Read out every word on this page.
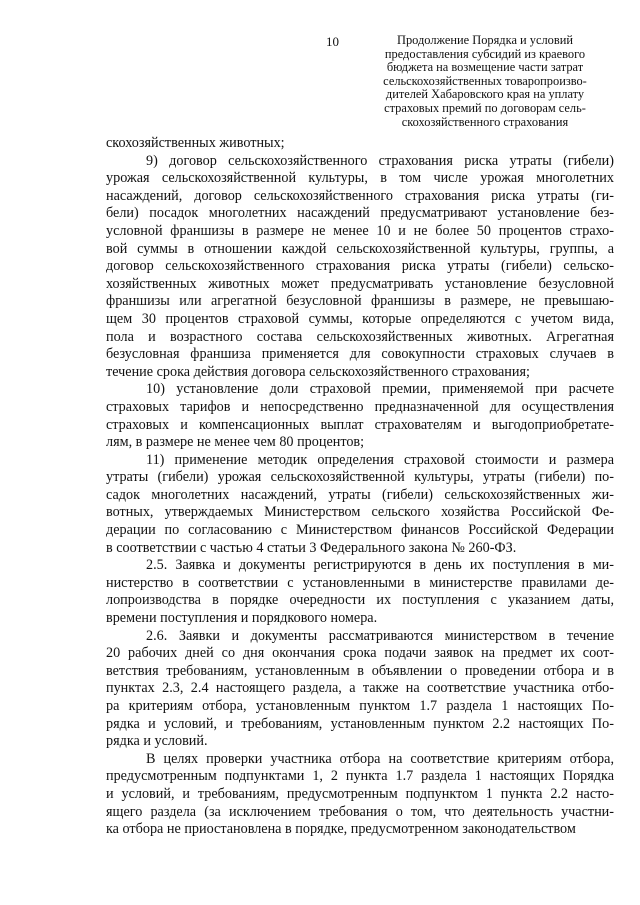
10	Продолжение Порядка и условий
предоставления субсидий из краевого
бюджета на возмещение части затрат
сельскохозяйственных товаропроизво-
дителей Хабаровского края на уплату
страховых премий по договорам сель-
скохозяйственного страхования
скохозяйственных животных;
9) договор сельскохозяйственного страхования риска утраты (гибели)
урожая сельскохозяйственной культуры, в том числе урожая многолетних
насаждений, договор сельскохозяйственного страхования риска утраты (ги-
бели) посадок многолетних насаждений предусматривают установление без-
условной франшизы в размере не менее 10 и не более 50 процентов страхо-
вой суммы в отношении каждой сельскохозяйственной культуры, группы, а
договор сельскохозяйственного страхования риска утраты (гибели) сельско-
хозяйственных животных может предусматривать установление безусловной
франшизы или агрегатной безусловной франшизы в размере, не превышаю-
щем 30 процентов страховой суммы, которые определяются с учетом вида,
пола и возрастного состава сельскохозяйственных животных. Агрегатная
безусловная франшиза применяется для совокупности страховых случаев в
течение срока действия договора сельскохозяйственного страхования;
10) установление доли страховой премии, применяемой при расчете
страховых тарифов и непосредственно предназначенной для осуществления
страховых и компенсационных выплат страхователям и выгодоприобретате-
лям, в размере не менее чем 80 процентов;
11) применение методик определения страховой стоимости и размера
утраты (гибели) урожая сельскохозяйственной культуры, утраты (гибели) по-
садок многолетних насаждений, утраты (гибели) сельскохозяйственных жи-
вотных, утверждаемых Министерством сельского хозяйства Российской Фе-
дерации по согласованию с Министерством финансов Российской Федерации
в соответствии с частью 4 статьи 3 Федерального закона № 260-ФЗ.
2.5. Заявка и документы регистрируются в день их поступления в ми-
нистерство в соответствии с установленными в министерстве правилами де-
лопроизводства в порядке очередности их поступления с указанием даты,
времени поступления и порядкового номера.
2.6. Заявки и документы рассматриваются министерством в течение
20 рабочих дней со дня окончания срока подачи заявок на предмет их соот-
ветствия требованиям, установленным в объявлении о проведении отбора и в
пунктах 2.3, 2.4 настоящего раздела, а также на соответствие участника отбо-
ра критериям отбора, установленным пунктом 1.7 раздела 1 настоящих По-
рядка и условий, и требованиям, установленным пунктом 2.2 настоящих По-
рядка и условий.
В целях проверки участника отбора на соответствие критериям отбора,
предусмотренным подпунктами 1, 2 пункта 1.7 раздела 1 настоящих Порядка
и условий, и требованиям, предусмотренным подпунктом 1 пункта 2.2 насто-
ящего раздела (за исключением требования о том, что деятельность участни-
ка отбора не приостановлена в порядке, предусмотренном законодательством
